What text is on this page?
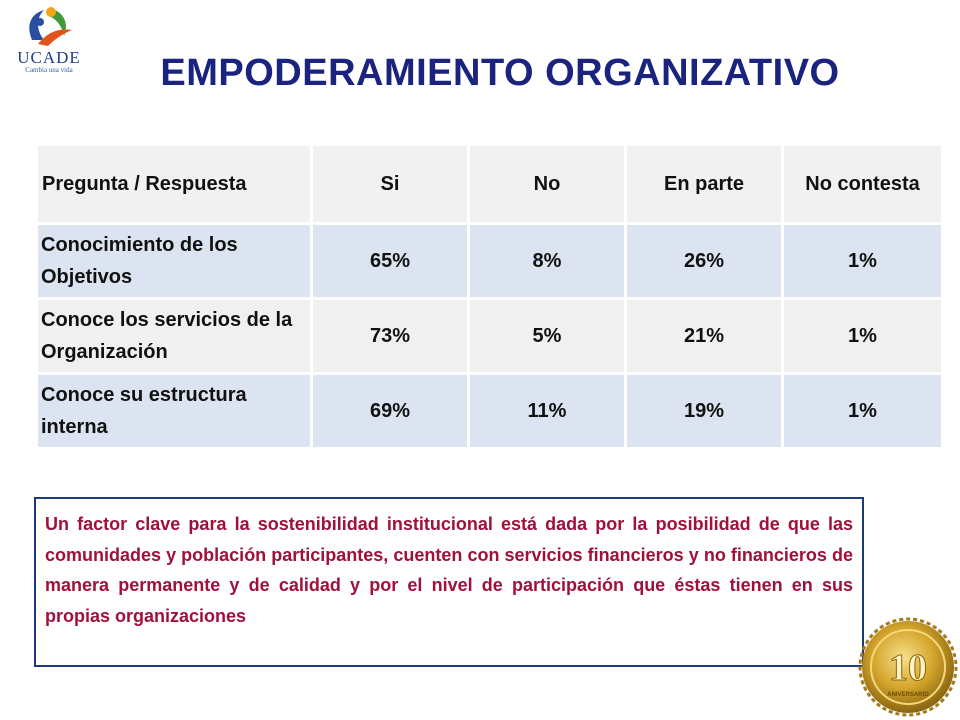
UCADE
Cambia una vida	EMPODERAMIENTO ORGANIZATIVO
Pregunta / Respuesta	Si	No	En parte	No contesta
Conocimiento de los Objetivos	65%	8%	26%	1%
Conoce los servicios de la Organización	73%	5%	21%	1%
Conoce su estructura interna	69%	11%	19%	1%
Un factor clave para la sostenibilidad institucional está dada por la posibilidad de que las comunidades y población participantes, cuenten con servicios financieros y no financieros de manera permanente y de calidad y por el nivel de participación que éstas tienen en sus propias organizaciones
10
ANIVERSARIO
